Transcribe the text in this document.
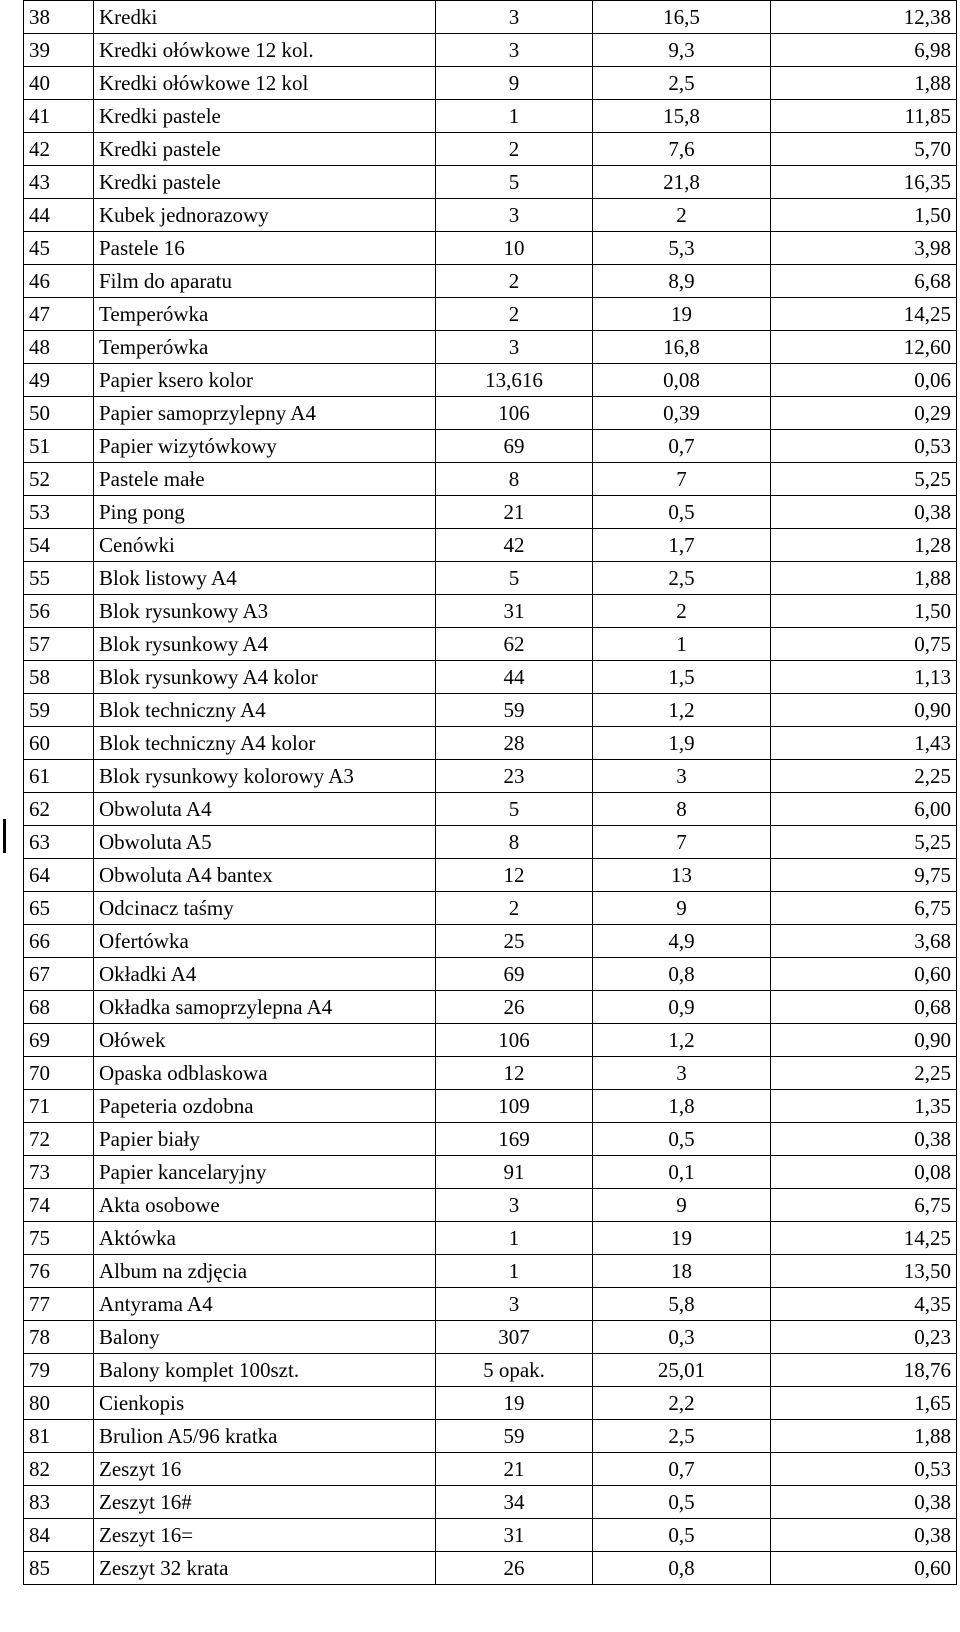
38	Kredki	3	16,5	12,38
39	Kredki ołówkowe 12 kol.	3	9,3	6,98
40	Kredki ołówkowe 12 kol	9	2,5	1,88
41	Kredki pastele	1	15,8	11,85
42	Kredki pastele	2	7,6	5,70
43	Kredki pastele	5	21,8	16,35
44	Kubek jednorazowy	3	2	1,50
45	Pastele 16	10	5,3	3,98
46	Film do aparatu	2	8,9	6,68
47	Temperówka	2	19	14,25
48	Temperówka	3	16,8	12,60
49	Papier ksero kolor	13,616	0,08	0,06
50	Papier samoprzylepny A4	106	0,39	0,29
51	Papier wizytówkowy	69	0,7	0,53
52	Pastele małe	8	7	5,25
53	Ping pong	21	0,5	0,38
54	Cenówki	42	1,7	1,28
55	Blok listowy A4	5	2,5	1,88
56	Blok rysunkowy A3	31	2	1,50
57	Blok rysunkowy A4	62	1	0,75
58	Blok rysunkowy A4 kolor	44	1,5	1,13
59	Blok techniczny A4	59	1,2	0,90
60	Blok techniczny A4 kolor	28	1,9	1,43
61	Blok rysunkowy kolorowy A3	23	3	2,25
62	Obwoluta A4	5	8	6,00
63	Obwoluta A5	8	7	5,25
64	Obwoluta A4 bantex	12	13	9,75
65	Odcinacz taśmy	2	9	6,75
66	Ofertówka	25	4,9	3,68
67	Okładki A4	69	0,8	0,60
68	Okładka samoprzylepna A4	26	0,9	0,68
69	Ołówek	106	1,2	0,90
70	Opaska odblaskowa	12	3	2,25
71	Papeteria ozdobna	109	1,8	1,35
72	Papier biały	169	0,5	0,38
73	Papier kancelaryjny	91	0,1	0,08
74	Akta osobowe	3	9	6,75
75	Aktówka	1	19	14,25
76	Album na zdjęcia	1	18	13,50
77	Antyrama A4	3	5,8	4,35
78	Balony	307	0,3	0,23
79	Balony komplet 100szt.	5 opak.	25,01	18,76
80	Cienkopis	19	2,2	1,65
81	Brulion A5/96 kratka	59	2,5	1,88
82	Zeszyt 16	21	0,7	0,53
83	Zeszyt 16#	34	0,5	0,38
84	Zeszyt 16=	31	0,5	0,38
85	Zeszyt 32 krata	26	0,8	0,60
